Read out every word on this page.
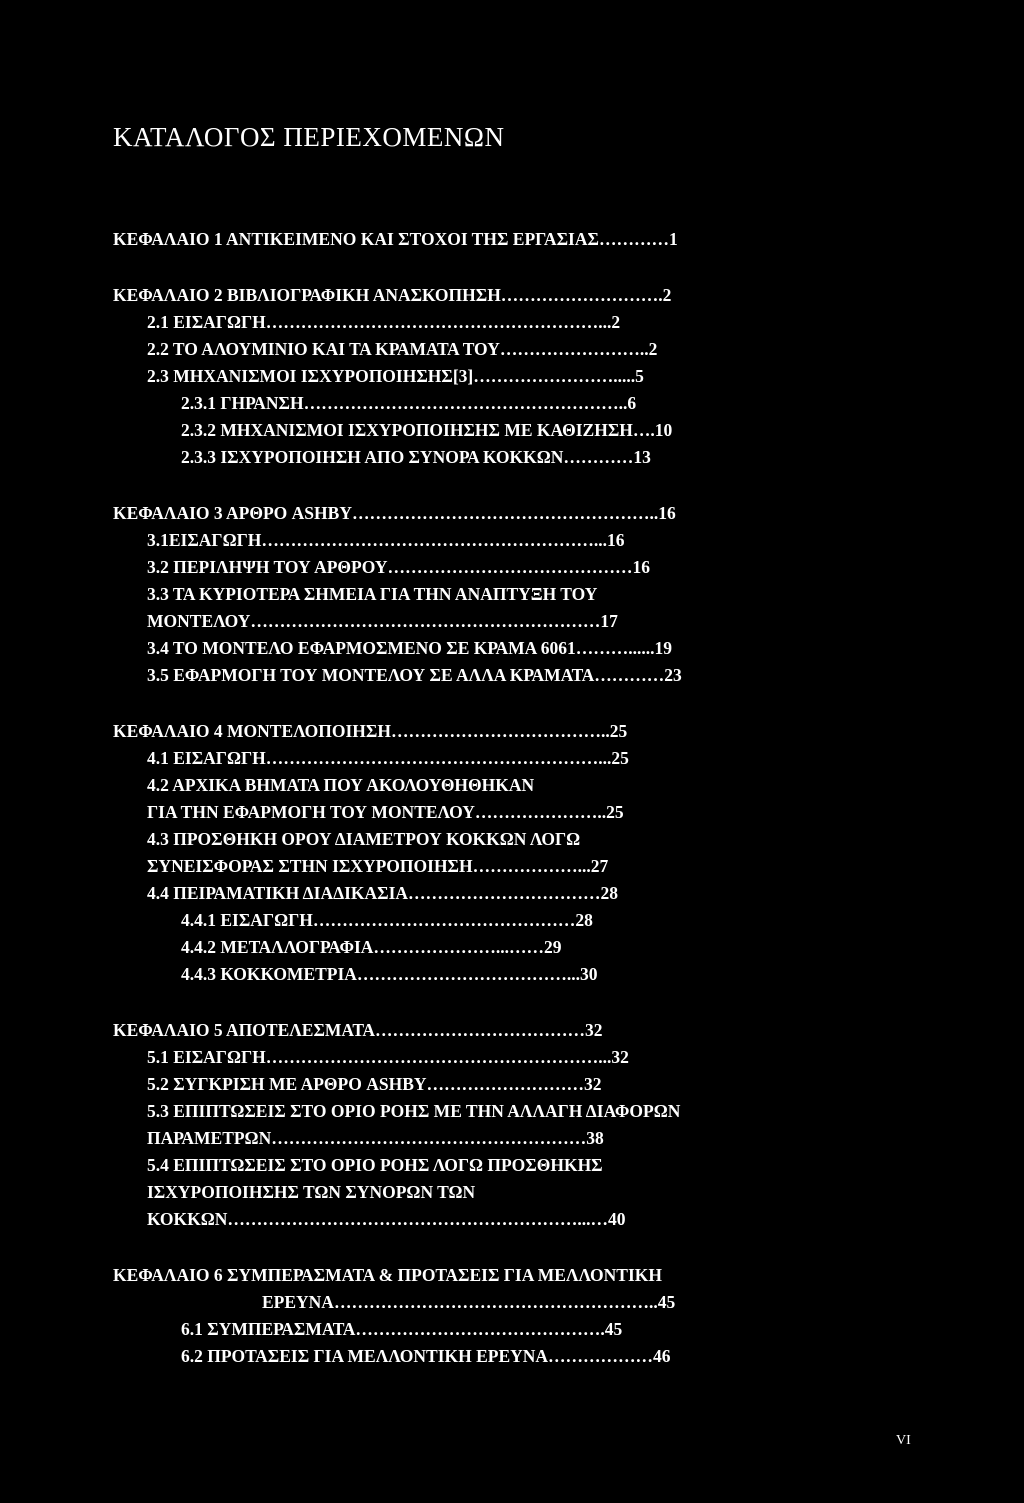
ΚΑΤΑΛΟΓΟΣ ΠΕΡΙΕΧΟΜΕΝΩΝ
ΚΕΦΑΛΑΙΟ 1 ΑΝΤΙΚΕΙΜΕΝΟ ΚΑΙ ΣΤΟΧΟΙ ΤΗΣ ΕΡΓΑΣΙΑΣ…………1
ΚΕΦΑΛΑΙΟ 2 ΒΙΒΛΙΟΓΡΑΦΙΚΗ ΑΝΑΣΚΟΠΗΣΗ……………………….2
2.1 ΕΙΣΑΓΩΓΗ…………………………………………………...2
2.2 ΤΟ ΑΛΟΥΜΙΝΙΟ ΚΑΙ ΤΑ ΚΡΑΜΑΤΑ ΤΟΥ……………………..2
2.3 ΜΗΧΑΝΙΣΜΟΙ ΙΣΧΥΡΟΠΟΙΗΣΗΣ[3]…………………….....5
2.3.1 ΓΗΡΑΝΣΗ………………………………………………..6
2.3.2 ΜΗΧΑΝΙΣΜΟΙ ΙΣΧΥΡΟΠΟΙΗΣΗΣ ΜΕ ΚΑΘΙΖΗΣΗ….10
2.3.3 ΙΣΧΥΡΟΠΟΙΗΣΗ ΑΠΟ ΣΥΝΟΡΑ ΚΟΚΚΩΝ…………13
ΚΕΦΑΛΑΙΟ 3 ΑΡΘΡΟ ASHBY……………………………………………..16
3.1ΕΙΣΑΓΩΓΗ…………………………………………………...16
3.2 ΠΕΡΙΛΗΨΗ ΤΟΥ ΑΡΘΡΟΥ……………………………………16
3.3 ΤΑ ΚΥΡΙΟΤΕΡΑ ΣΗΜΕΙΑ ΓΙΑ ΤΗΝ ΑΝΑΠΤΥΞΗ ΤΟΥ
ΜΟΝΤΕΛΟΥ……………………………………………………17
3.4 ΤΟ ΜΟΝΤΕΛΟ ΕΦΑΡΜΟΣΜΕΝΟ ΣΕ ΚΡΑΜΑ 6061………......19
3.5 ΕΦΑΡΜΟΓΗ ΤΟΥ ΜΟΝΤΕΛΟΥ ΣΕ ΑΛΛΑ ΚΡΑΜΑΤΑ…………23
ΚΕΦΑΛΑΙΟ 4 ΜΟΝΤΕΛΟΠΟΙΗΣΗ………………………………..25
4.1 ΕΙΣΑΓΩΓΗ…………………………………………………...25
4.2 ΑΡΧΙΚΑ ΒΗΜΑΤΑ ΠΟΥ ΑΚΟΛΟΥΘΗΘΗΚΑΝ
ΓΙΑ ΤΗΝ ΕΦΑΡΜΟΓΗ ΤΟΥ ΜΟΝΤΕΛΟΥ…………………..25
4.3 ΠΡΟΣΘΗΚΗ ΟΡΟΥ ΔΙΑΜΕΤΡΟΥ ΚΟΚΚΩΝ ΛΟΓΩ
ΣΥΝΕΙΣΦΟΡΑΣ ΣΤΗΝ ΙΣΧΥΡΟΠΟΙΗΣΗ………………...27
4.4 ΠΕΙΡΑΜΑΤΙΚΗ ΔΙΑΔΙΚΑΣΙΑ……………………………28
4.4.1 ΕΙΣΑΓΩΓΗ………………………………………28
4.4.2 ΜΕΤΑΛΛΟΓΡΑΦΙΑ…………………...……29
4.4.3 ΚΟΚΚΟΜΕΤΡΙΑ………………………………...30
ΚΕΦΑΛΑΙΟ 5 ΑΠΟΤΕΛΕΣΜΑΤΑ………………………………32
5.1 ΕΙΣΑΓΩΓΗ…………………………………………………...32
5.2 ΣΥΓΚΡΙΣΗ ΜΕ ΑΡΘΡΟ ASHBY………………………32
5.3 ΕΠΙΠΤΩΣΕΙΣ ΣΤΟ ΟΡΙΟ ΡΟΗΣ ΜΕ ΤΗΝ ΑΛΛΑΓΗ ΔΙΑΦΟΡΩΝ
ΠΑΡΑΜΕΤΡΩΝ………………………………………………38
5.4 ΕΠΙΠΤΩΣΕΙΣ ΣΤΟ ΟΡΙΟ ΡΟΗΣ ΛΟΓΩ ΠΡΟΣΘΗΚΗΣ
ΙΣΧΥΡΟΠΟΙΗΣΗΣ ΤΩΝ ΣΥΝΟΡΩΝ ΤΩΝ
ΚΟΚΚΩΝ……………………………………………………...…40
ΚΕΦΑΛΑΙΟ 6 ΣΥΜΠΕΡΑΣΜΑΤΑ & ΠΡΟΤΑΣΕΙΣ ΓΙΑ ΜΕΛΛΟΝΤΙΚΗ
ΕΡΕΥΝΑ………………………………………………..45
6.1 ΣΥΜΠΕΡΑΣΜΑΤΑ…………………………………….45
6.2 ΠΡΟΤΑΣΕΙΣ ΓΙΑ ΜΕΛΛΟΝΤΙΚΗ ΕΡΕΥΝΑ………………46
VI
